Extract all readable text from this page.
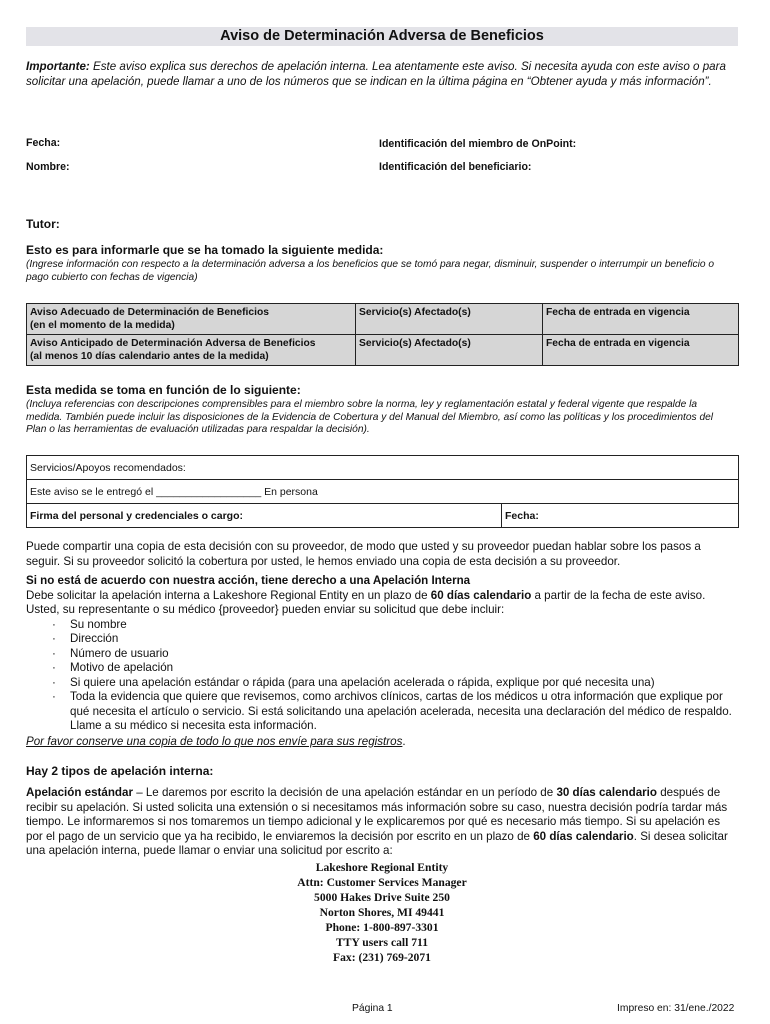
Aviso de Determinación Adversa de Beneficios
Importante: Este aviso explica sus derechos de apelación interna. Lea atentamente este aviso. Si necesita ayuda con este aviso o para solicitar una apelación, puede llamar a uno de los números que se indican en la última página en “Obtener ayuda y más información”.
Fecha:	Identificación del miembro de OnPoint:
Nombre:	Identificación del beneficiario:
Tutor:
Esto es para informarle que se ha tomado la siguiente medida:
(Ingrese información con respecto a la determinación adversa a los beneficios que se tomó para negar, disminuir, suspender o interrumpir un beneficio o pago cubierto con fechas de vigencia)
Aviso Adecuado de Determinación de Beneficios
(en el momento de la medida)	Servicio(s) Afectado(s)	Fecha de entrada en vigencia

Aviso Anticipado de Determinación Adversa de Beneficios
(al menos 10 días calendario antes de la medida)	Servicio(s) Afectado(s)	Fecha de entrada en vigencia
Esta medida se toma en función de lo siguiente:
(Incluya referencias con descripciones comprensibles para el miembro sobre la norma, ley y reglamentación estatal y federal vigente que respalde la medida. También puede incluir las disposiciones de la Evidencia de Cobertura y del Manual del Miembro, así como las políticas y los procedimientos del Plan o las herramientas de evaluación utilizadas para respaldar la decisión).
Servicios/Apoyos recomendados:
Este aviso se le entregó el __________________ En persona
Firma del personal y credenciales o cargo:	Fecha:
Puede compartir una copia de esta decisión con su proveedor, de modo que usted y su proveedor puedan hablar sobre los pasos a seguir. Si su proveedor solicitó la cobertura por usted, le hemos enviado una copia de esta decisión a su proveedor.
Si no está de acuerdo con nuestra acción, tiene derecho a una Apelación Interna
Debe solicitar la apelación interna a Lakeshore Regional Entity en un plazo de 60 días calendario a partir de la fecha de este aviso. Usted, su representante o su médico {proveedor} pueden enviar su solicitud que debe incluir:
· Su nombre
· Dirección
· Número de usuario
· Motivo de apelación
· Si quiere una apelación estándar o rápida (para una apelación acelerada o rápida, explique por qué necesita una)
· Toda la evidencia que quiere que revisemos, como archivos clínicos, cartas de los médicos u otra información que explique por qué necesita el artículo o servicio. Si está solicitando una apelación acelerada, necesita una declaración del médico de respaldo. Llame a su médico si necesita esta información.
Por favor conserve una copia de todo lo que nos envíe para sus registros.
Hay 2 tipos de apelación interna:
Apelación estándar – Le daremos por escrito la decisión de una apelación estándar en un período de 30 días calendario después de recibir su apelación. Si usted solicita una extensión o si necesitamos más información sobre su caso, nuestra decisión podría tardar más tiempo. Le informaremos si nos tomaremos un tiempo adicional y le explicaremos por qué es necesario más tiempo. Si su apelación es por el pago de un servicio que ya ha recibido, le enviaremos la decisión por escrito en un plazo de 60 días calendario. Si desea solicitar una apelación interna, puede llamar o enviar una solicitud por escrito a:
Lakeshore Regional Entity
Attn: Customer Services Manager
5000 Hakes Drive Suite 250
Norton Shores, MI 49441
Phone: 1-800-897-3301
TTY users call 711
Fax: (231) 769-2071
Página 1	Impreso en: 31/ene./2022
